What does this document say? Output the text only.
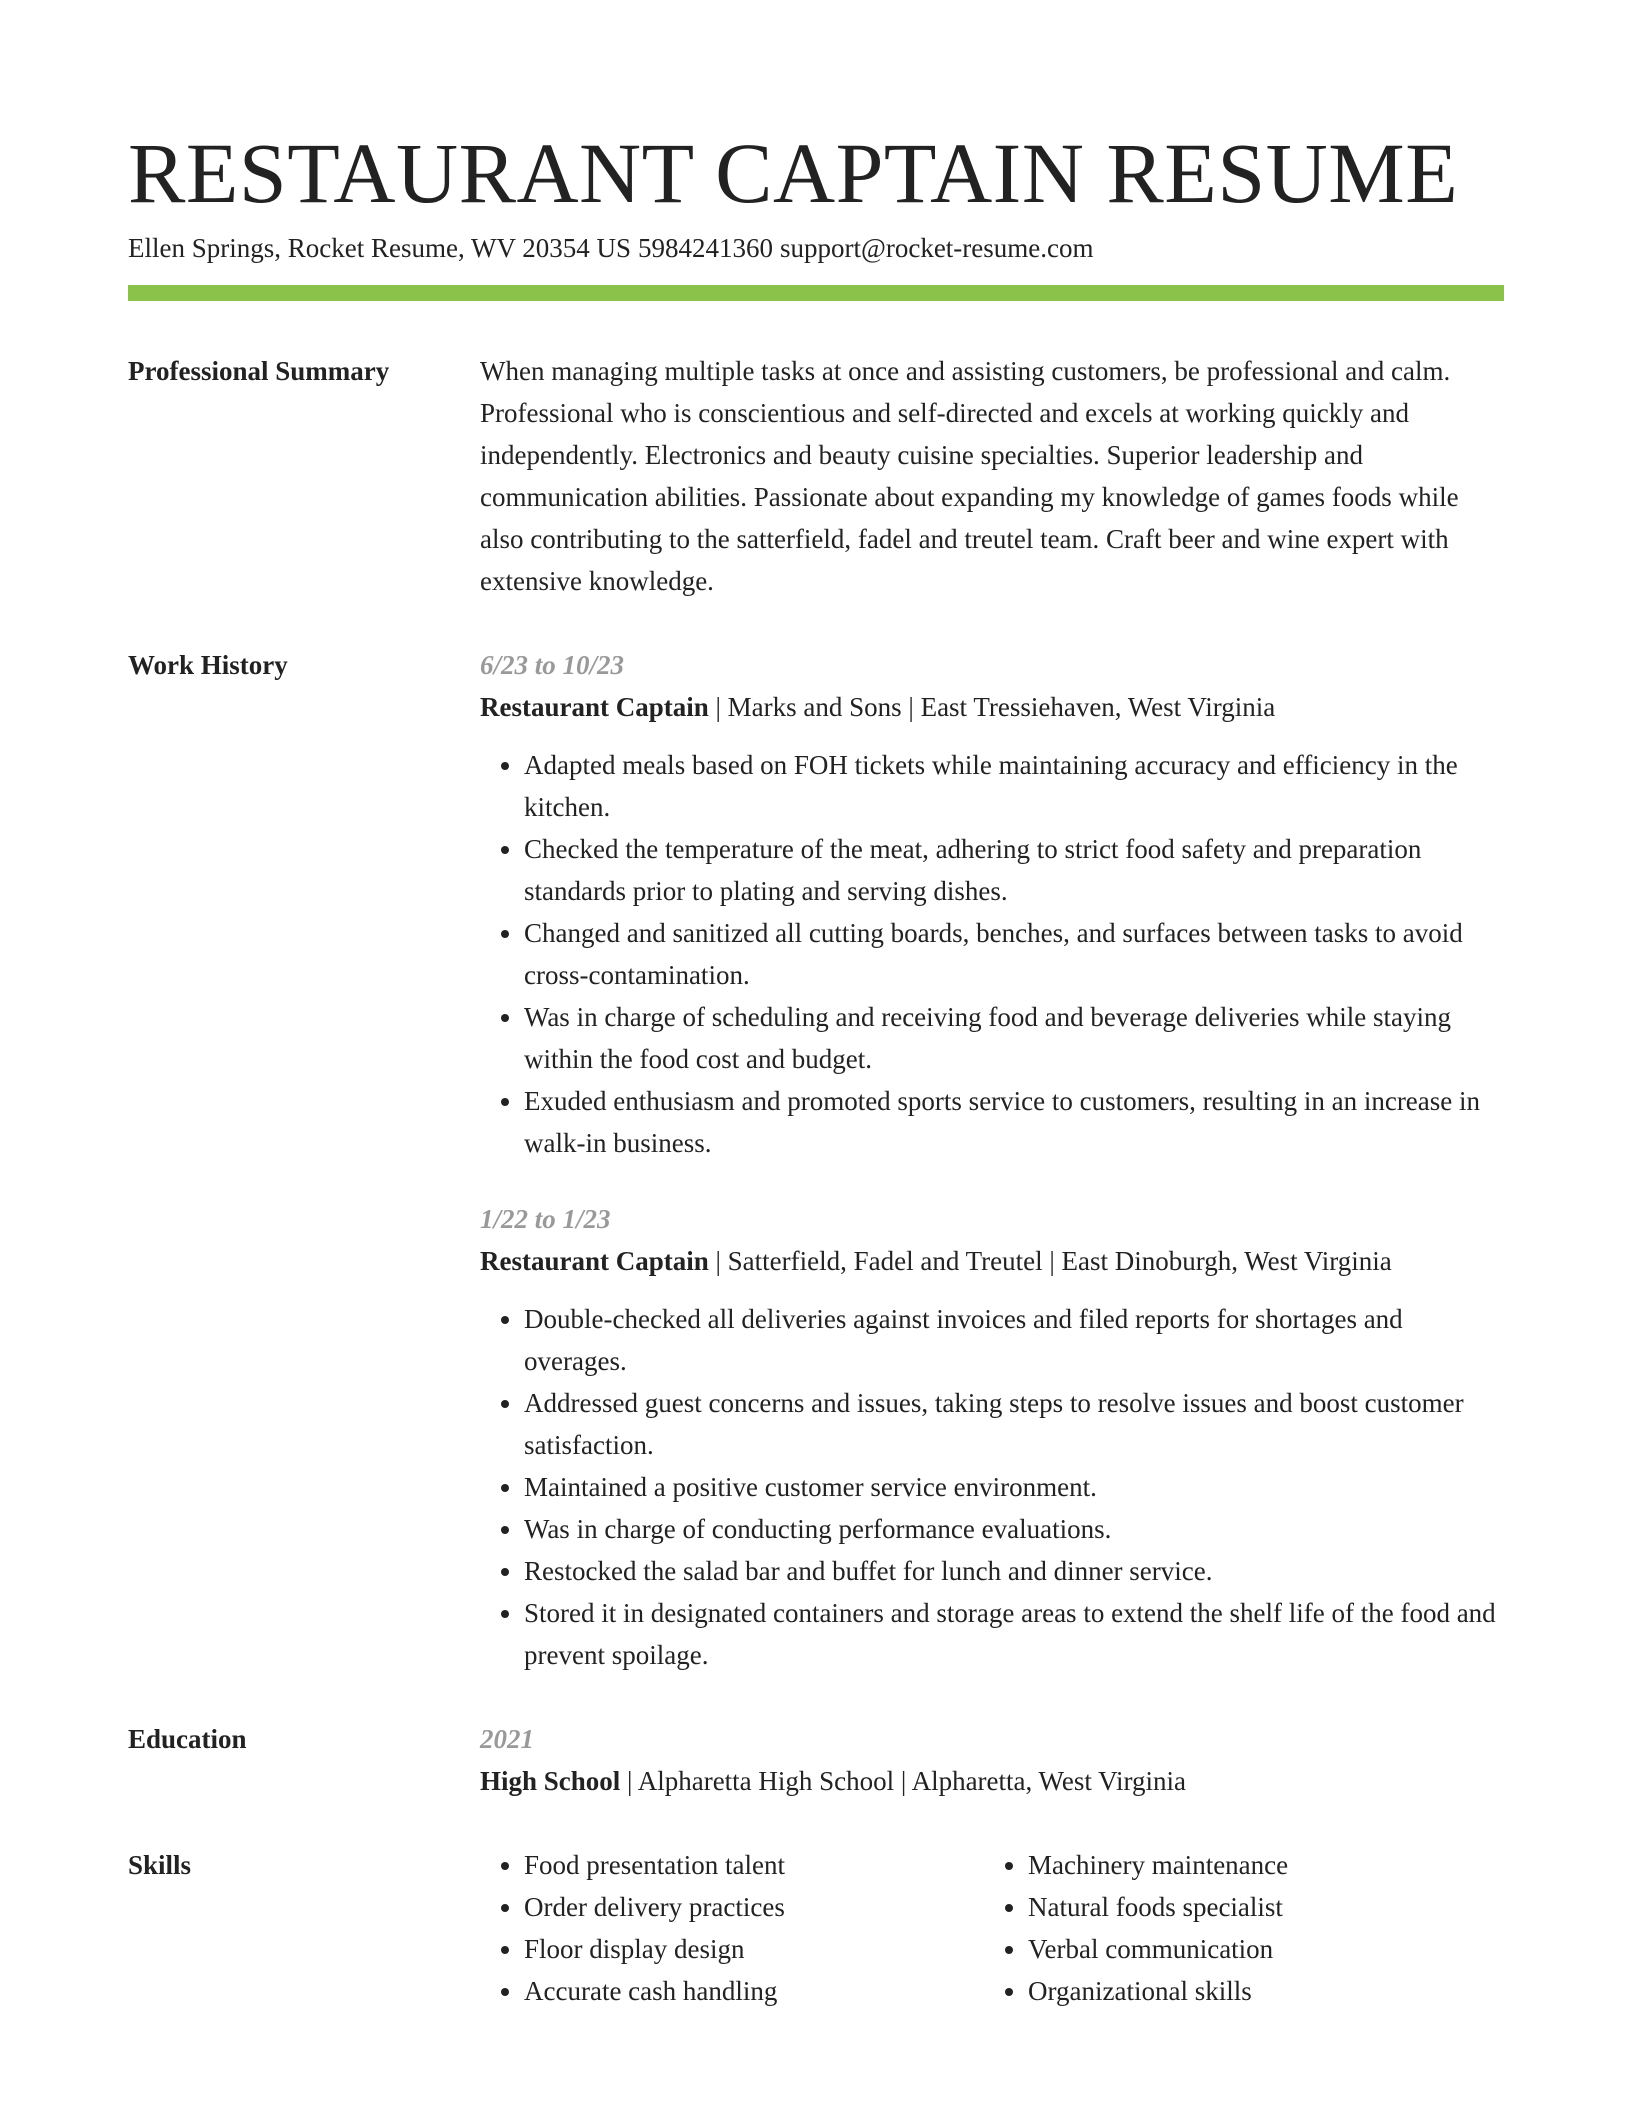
RESTAURANT CAPTAIN RESUME
Ellen Springs, Rocket Resume, WV 20354 US 5984241360 support@rocket-resume.com
Professional Summary	When managing multiple tasks at once and assisting customers, be professional and calm. Professional who is conscientious and self-directed and excels at working quickly and independently. Electronics and beauty cuisine specialties. Superior leadership and communication abilities. Passionate about expanding my knowledge of games foods while also contributing to the satterfield, fadel and treutel team. Craft beer and wine expert with extensive knowledge.

Work History	6/23 to 10/23
Restaurant Captain | Marks and Sons | East Tressiehaven, West Virginia
• Adapted meals based on FOH tickets while maintaining accuracy and efficiency in the kitchen.
• Checked the temperature of the meat, adhering to strict food safety and preparation standards prior to plating and serving dishes.
• Changed and sanitized all cutting boards, benches, and surfaces between tasks to avoid cross-contamination.
• Was in charge of scheduling and receiving food and beverage deliveries while staying within the food cost and budget.
• Exuded enthusiasm and promoted sports service to customers, resulting in an increase in walk-in business.
1/22 to 1/23
Restaurant Captain | Satterfield, Fadel and Treutel | East Dinoburgh, West Virginia
• Double-checked all deliveries against invoices and filed reports for shortages and overages.
• Addressed guest concerns and issues, taking steps to resolve issues and boost customer satisfaction.
• Maintained a positive customer service environment.
• Was in charge of conducting performance evaluations.
• Restocked the salad bar and buffet for lunch and dinner service.
• Stored it in designated containers and storage areas to extend the shelf life of the food and prevent spoilage.
Education	2021
High School | Alpharetta High School | Alpharetta, West Virginia
Skills
•	Food presentation talent
• Order delivery practices
• Floor display design
• Accurate cash handling
• Machinery maintenance
• Natural foods specialist
• Verbal communication
• Organizational skills
